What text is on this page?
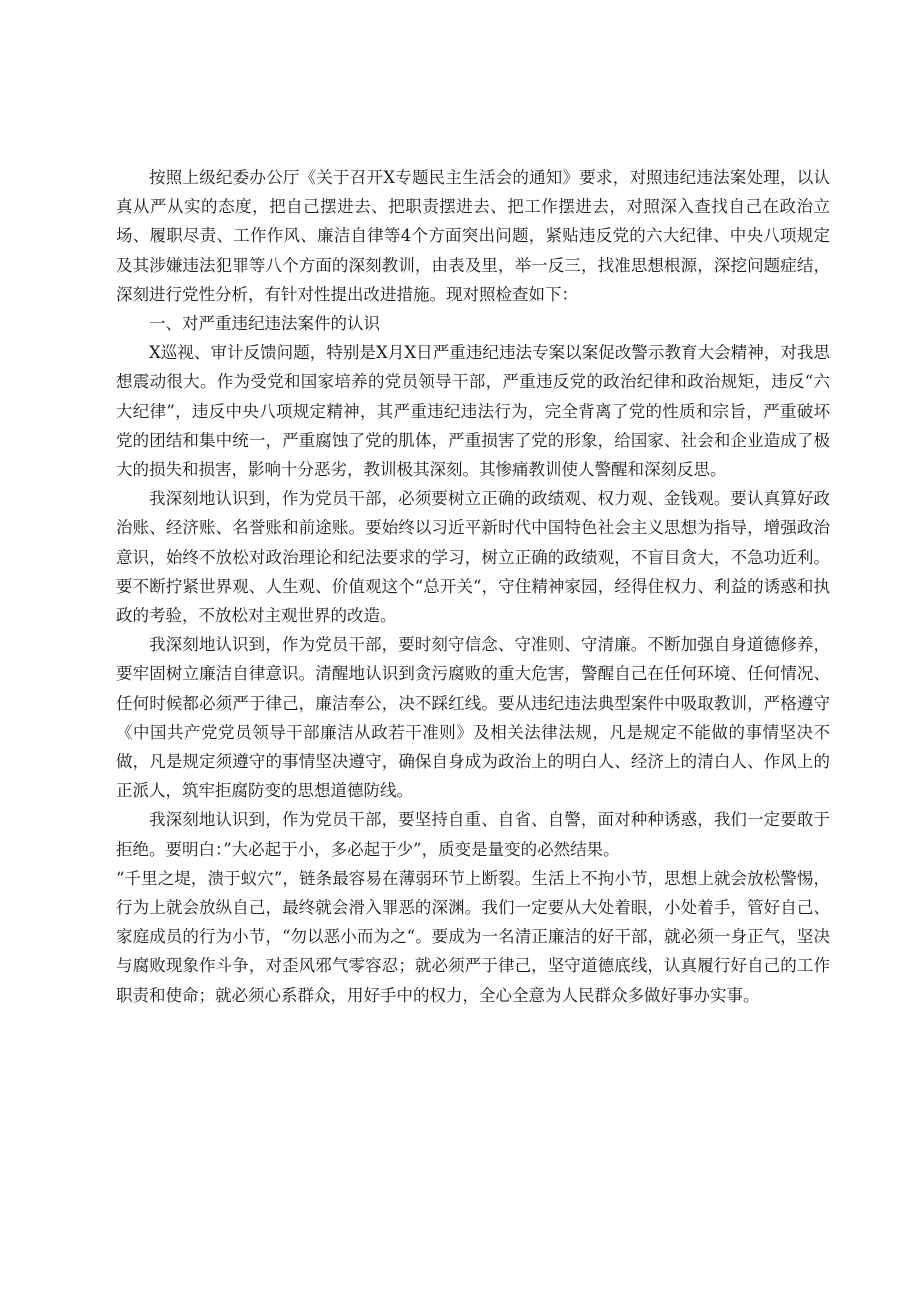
按照上级纪委办公厅《关于召开X专题民主生活会的通知》要求，对照违纪违法案处理，以认真从严从实的态度，把自己摆进去、把职责摆进去、把工作摆进去，对照深入查找自己在政治立场、履职尽责、工作作风、廉洁自律等4个方面突出问题，紧贴违反党的六大纪律、中央八项规定及其涉嫌违法犯罪等八个方面的深刻教训，由表及里，举一反三，找准思想根源，深挖问题症结，深刻进行党性分析，有针对性提出改进措施。现对照检查如下：

一、对严重违纪违法案件的认识

X巡视、审计反馈问题，特别是X月X日严重违纪违法专案以案促改警示教育大会精神，对我思想震动很大。作为受党和国家培养的党员领导干部，严重违反党的政治纪律和政治规矩，违反“六大纪律”，违反中央八项规定精神，其严重违纪违法行为，完全背离了党的性质和宗旨，严重破坏党的团结和集中统一，严重腐蚀了党的肌体，严重损害了党的形象，给国家、社会和企业造成了极大的损失和损害，影响十分恶劣，教训极其深刻。其惨痛教训使人警醒和深刻反思。

我深刻地认识到，作为党员干部，必须要树立正确的政绩观、权力观、金钱观。要认真算好政治账、经济账、名誉账和前途账。要始终以习近平新时代中国特色社会主义思想为指导，增强政治意识，始终不放松对政治理论和纪法要求的学习，树立正确的政绩观，不盲目贪大，不急功近利。要不断拧紧世界观、人生观、价值观这个“总开关“，守住精神家园，经得住权力、利益的诱惑和执政的考验，不放松对主观世界的改造。

我深刻地认识到，作为党员干部，要时刻守信念、守准则、守清廉。不断加强自身道德修养，要牢固树立廉洁自律意识。清醒地认识到贪污腐败的重大危害，警醒自己在任何环境、任何情况、任何时候都必须严于律己，廉洁奉公，决不踩红线。要从违纪违法典型案件中吸取教训，严格遵守《中国共产党党员领导干部廉洁从政若干准则》及相关法律法规，凡是规定不能做的事情坚决不做，凡是规定须遵守的事情坚决遵守，确保自身成为政治上的明白人、经济上的清白人、作风上的正派人，筑牢拒腐防变的思想道德防线。

我深刻地认识到，作为党员干部，要坚持自重、自省、自警，面对种种诱惑，我们一定要敢于拒绝。要明白：”大必起于小，多必起于少”，质变是量变的必然结果。

“千里之堤，溃于蚁穴”，链条最容易在薄弱环节上断裂。生活上不拘小节，思想上就会放松警惕，行为上就会放纵自己，最终就会滑入罪恶的深渊。我们一定要从大处着眼，小处着手，管好自己、家庭成员的行为小节，“勿以恶小而为之“。要成为一名清正廉洁的好干部，就必须一身正气，坚决与腐败现象作斗争，对歪风邪气零容忍；就必须严于律己，坚守道德底线，认真履行好自己的工作职责和使命；就必须心系群众，用好手中的权力，全心全意为人民群众多做好事办实事。
